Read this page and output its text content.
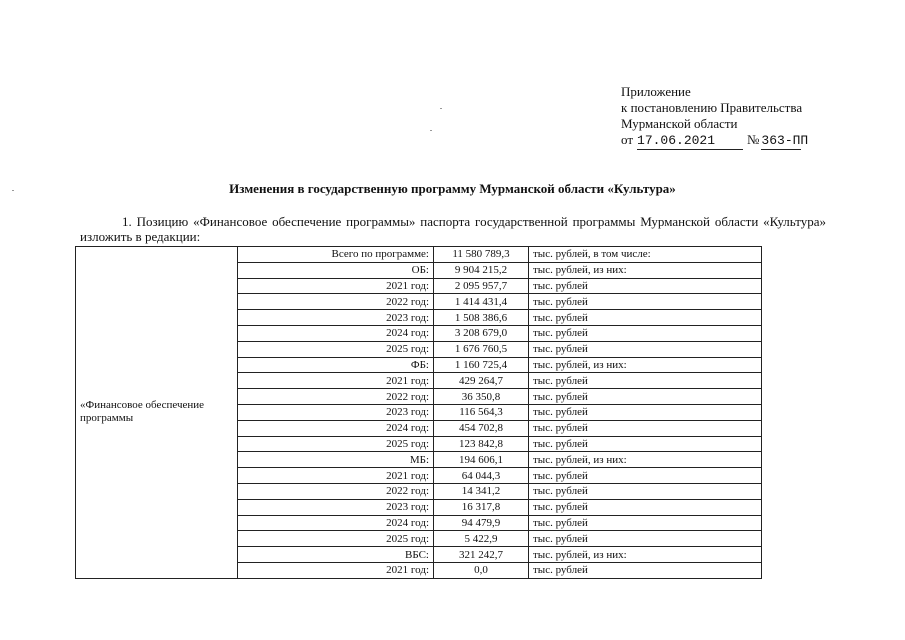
Приложение
к постановлению Правительства
Мурманской области
от 17.06.2021	№ 363-ПП
Изменения в государственную программу Мурманской области «Культура»
1. Позицию «Финансовое обеспечение программы» паспорта государственной программы Мурманской области «Культура» изложить в редакции:
«Финансовое обеспечение программы	Всего по программе:	11 580 789,3	тыс. рублей, в том числе:
	ОБ:	9 904 215,2	тыс. рублей, из них:
	2021 год:	2 095 957,7	тыс. рублей
	2022 год:	1 414 431,4	тыс. рублей
	2023 год:	1 508 386,6	тыс. рублей
	2024 год:	3 208 679,0	тыс. рублей
	2025 год:	1 676 760,5	тыс. рублей
	ФБ:	1 160 725,4	тыс. рублей, из них:
	2021 год:	429 264,7	тыс. рублей
	2022 год:	36 350,8	тыс. рублей
	2023 год:	116 564,3	тыс. рублей
	2024 год:	454 702,8	тыс. рублей
	2025 год:	123 842,8	тыс. рублей
	МБ:	194 606,1	тыс. рублей, из них:
	2021 год:	64 044,3	тыс. рублей
	2022 год:	14 341,2	тыс. рублей
	2023 год:	16 317,8	тыс. рублей
	2024 год:	94 479,9	тыс. рублей
	2025 год:	5 422,9	тыс. рублей
	ВБС:	321 242,7	тыс. рублей, из них:
	2021 год:	0,0	тыс. рублей
